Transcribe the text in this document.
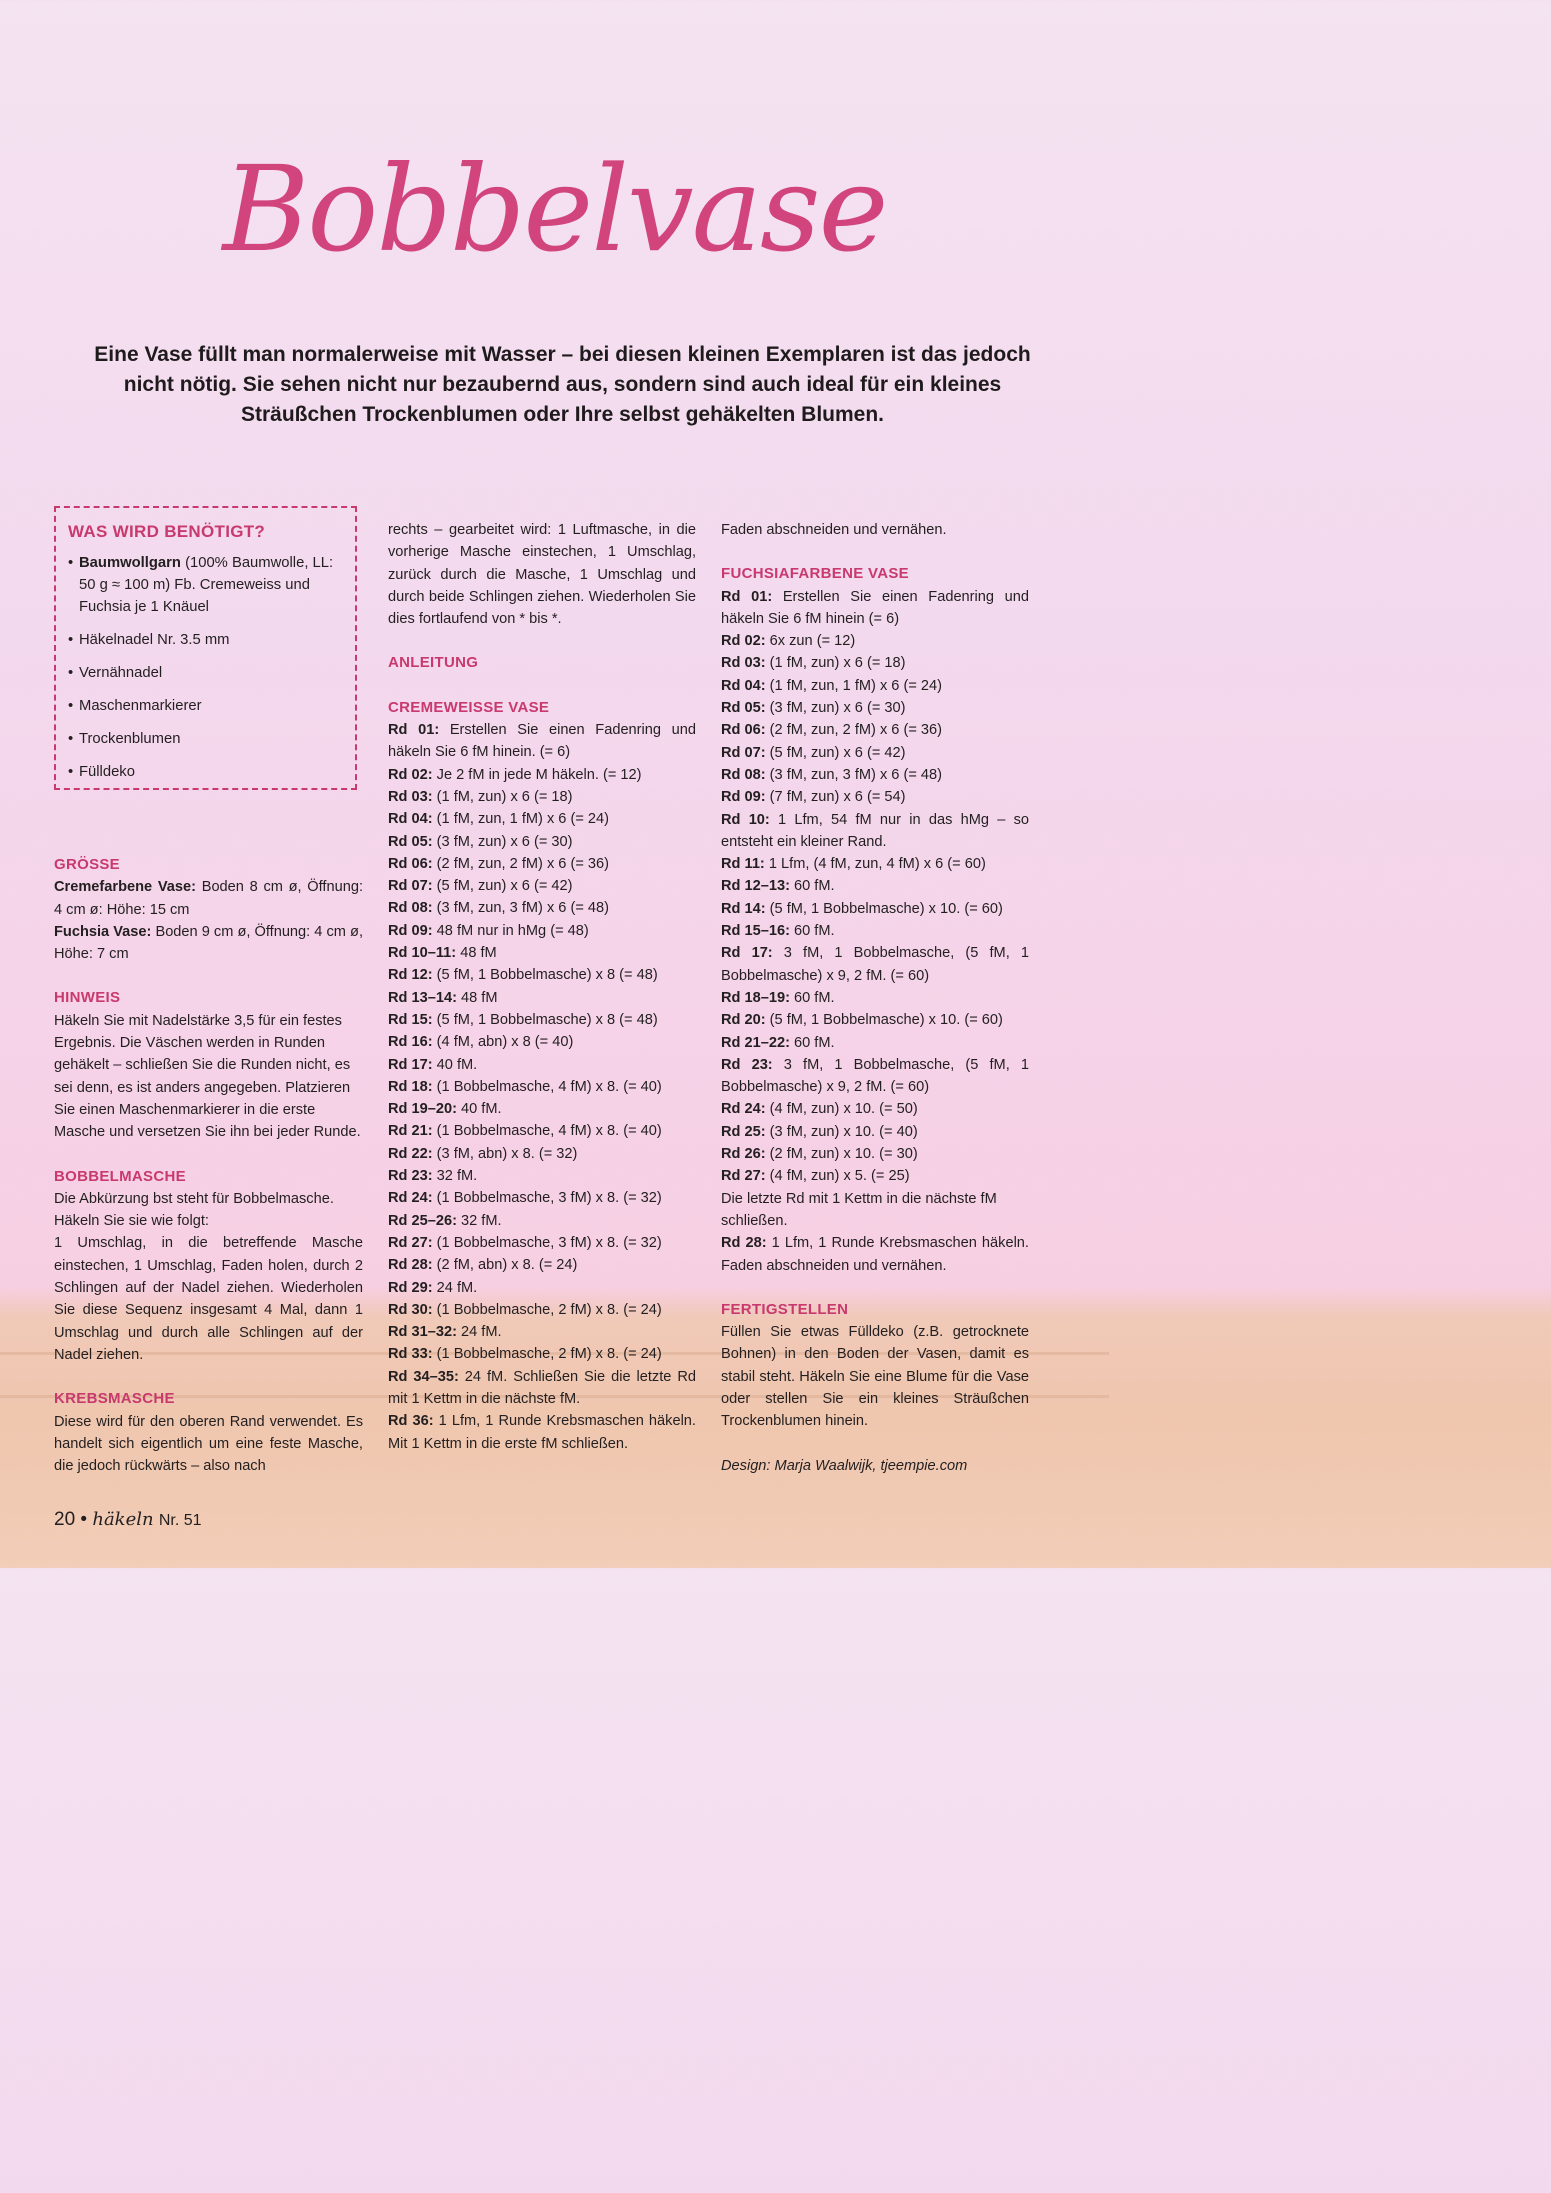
Bobbelvase
Eine Vase füllt man normalerweise mit Wasser – bei diesen kleinen Exemplaren ist das jedoch nicht nötig. Sie sehen nicht nur bezaubernd aus, sondern sind auch ideal für ein kleines Sträußchen Trockenblumen oder Ihre selbst gehäkelten Blumen.
WAS WIRD BENÖTIGT?
• Baumwollgarn (100% Baumwolle, LL: 50 g ≈ 100 m) Fb. Cremeweiss und Fuchsia je 1 Knäuel
• Häkelnadel Nr. 3.5 mm
• Vernähnadel
• Maschenmarkierer
• Trockenblumen
• Fülldeko

GRÖSSE

Cremefarbene Vase: Boden 8 cm ø, Öffnung: 4 cm ø: Höhe: 15 cm

Fuchsia Vase: Boden 9 cm ø, Öffnung: 4 cm ø, Höhe: 7 cm

HINWEIS

Häkeln Sie mit Nadelstärke 3,5 für ein festes Ergebnis. Die Väschen werden in Runden gehäkelt – schließen Sie die Runden nicht, es sei denn, es ist anders angegeben. Platzieren Sie einen Maschenmarkierer in die erste Masche und versetzen Sie ihn bei jeder Runde.

BOBBELMASCHE

Die Abkürzung bst steht für Bobbelmasche.

Häkeln Sie sie wie folgt:

1 Umschlag, in die betreffende Masche einstechen, 1 Umschlag, Faden holen, durch 2 Schlingen auf der Nadel ziehen. Wiederholen Sie diese Sequenz insgesamt 4 Mal, dann 1 Umschlag und durch alle Schlingen auf der Nadel ziehen.

KREBSMASCHE

Diese wird für den oberen Rand verwendet. Es handelt sich eigentlich um eine feste Masche, die jedoch rückwärts – also nach

rechts – gearbeitet wird: 1 Luftmasche, in die vorherige Masche einstechen, 1 Umschlag, zurück durch die Masche, 1 Umschlag und durch beide Schlingen ziehen. Wiederholen Sie dies fortlaufend von * bis *.

ANLEITUNG

CREMEWEISSE VASE

Rd 01: Erstellen Sie einen Fadenring und häkeln Sie 6 fM hinein. (= 6)

Rd 02: Je 2 fM in jede M häkeln. (= 12)

Rd 03: (1 fM, zun) x 6 (= 18)

Rd 04: (1 fM, zun, 1 fM) x 6 (= 24)

Rd 05: (3 fM, zun) x 6 (= 30)

Rd 06: (2 fM, zun, 2 fM) x 6 (= 36)

Rd 07: (5 fM, zun) x 6 (= 42)

Rd 08: (3 fM, zun, 3 fM) x 6 (= 48)

Rd 09: 48 fM nur in hMg (= 48)

Rd 10–11: 48 fM

Rd 12: (5 fM, 1 Bobbelmasche) x 8 (= 48)

Rd 13–14: 48 fM

Rd 15: (5 fM, 1 Bobbelmasche) x 8 (= 48)

Rd 16: (4 fM, abn) x 8 (= 40)

Rd 17: 40 fM.

Rd 18: (1 Bobbelmasche, 4 fM) x 8. (= 40)

Rd 19–20: 40 fM.

Rd 21: (1 Bobbelmasche, 4 fM) x 8. (= 40)

Rd 22: (3 fM, abn) x 8. (= 32)

Rd 23: 32 fM.

Rd 24: (1 Bobbelmasche, 3 fM) x 8. (= 32)

Rd 25–26: 32 fM.

Rd 27: (1 Bobbelmasche, 3 fM) x 8. (= 32)

Rd 28: (2 fM, abn) x 8. (= 24)

Rd 29: 24 fM.

Rd 30: (1 Bobbelmasche, 2 fM) x 8. (= 24)

Rd 31–32: 24 fM.

Rd 33: (1 Bobbelmasche, 2 fM) x 8. (= 24)

Rd 34–35: 24 fM. Schließen Sie die letzte Rd mit 1 Kettm in die nächste fM.

Rd 36: 1 Lfm, 1 Runde Krebsmaschen häkeln. Mit 1 Kettm in die erste fM schließen.

Faden abschneiden und vernähen.

FUCHSIAFARBENE VASE

Rd 01: Erstellen Sie einen Fadenring und häkeln Sie 6 fM hinein (= 6)

Rd 02: 6x zun (= 12)

Rd 03: (1 fM, zun) x 6 (= 18)

Rd 04: (1 fM, zun, 1 fM) x 6 (= 24)

Rd 05: (3 fM, zun) x 6 (= 30)

Rd 06: (2 fM, zun, 2 fM) x 6 (= 36)

Rd 07: (5 fM, zun) x 6 (= 42)

Rd 08: (3 fM, zun, 3 fM) x 6 (= 48)

Rd 09: (7 fM, zun) x 6 (= 54)

Rd 10: 1 Lfm, 54 fM nur in das hMg – so entsteht ein kleiner Rand.

Rd 11: 1 Lfm, (4 fM, zun, 4 fM) x 6 (= 60)

Rd 12–13: 60 fM.

Rd 14: (5 fM, 1 Bobbelmasche) x 10. (= 60)

Rd 15–16: 60 fM.

Rd 17: 3 fM, 1 Bobbelmasche, (5 fM, 1 Bobbelmasche) x 9, 2 fM. (= 60)

Rd 18–19: 60 fM.

Rd 20: (5 fM, 1 Bobbelmasche) x 10. (= 60)

Rd 21–22: 60 fM.

Rd 23: 3 fM, 1 Bobbelmasche, (5 fM, 1 Bobbelmasche) x 9, 2 fM. (= 60)

Rd 24: (4 fM, zun) x 10. (= 50)

Rd 25: (3 fM, zun) x 10. (= 40)

Rd 26: (2 fM, zun) x 10. (= 30)

Rd 27: (4 fM, zun) x 5. (= 25)

Die letzte Rd mit 1 Kettm in die nächste fM schließen.

Rd 28: 1 Lfm, 1 Runde Krebsmaschen häkeln. Faden abschneiden und vernähen.

FERTIGSTELLEN

Füllen Sie etwas Fülldeko (z.B. getrocknete Bohnen) in den Boden der Vasen, damit es stabil steht. Häkeln Sie eine Blume für die Vase oder stellen Sie ein kleines Sträußchen Trockenblumen hinein.

Design: Marja Waalwijk, tjeempie.com

20 • häkeln Nr. 51
